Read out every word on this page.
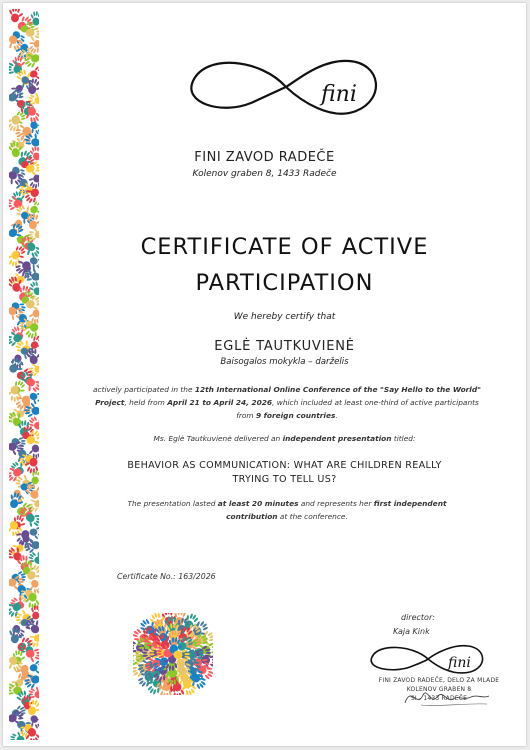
fini
FINI ZAVOD RADEČE
Kolenov graben 8, 1433 Radeče
CERTIFICATE OF ACTIVE
PARTICIPATION
We hereby certify that
EGLĖ TAUTKUVIENĖ
Baisogalos mokykla – darželis
actively participated in the 12th International Online Conference of the "Say Hello to the World" Project, held from April 21 to April 24, 2026, which included at least one-third of active participants from 9 foreign countries.
Ms. Eglė Tautkuvienė delivered an independent presentation titled:
BEHAVIOR AS COMMUNICATION: WHAT ARE CHILDREN REALLY TRYING TO TELL US?
The presentation lasted at least 20 minutes and represents her first independent contribution at the conference.
Certificate No.: 163/2026
director:
Kaja Kink
fini
FINI ZAVOD RADEČE, DELO ZA MLADE
KOLENOV GRABEN 8
SI - 1433 RADEČE
